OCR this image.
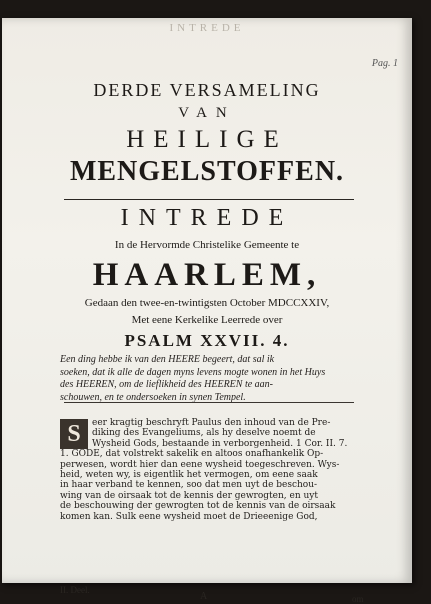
INTREDE
Pag. 1
DERDE VERSAMELING
VAN
HEILIGE
MENGELSTOFFEN.
INTREDE
In de Hervormde Christelike Gemeente te
HAARLEM,
Gedaan den twee-en-twintigsten October MDCCXXIV,
Met eene Kerkelike Leerrede over
PSALM XXVII. 4.
Een ding hebbe ik van den HEERE begeert, dat sal ik
soeken, dat ik alle de dagen myns levens mogte wonen in het Huys
des HEEREN, om de lieflikheid des HEEREN te aan-
schouwen, en te ondersoeken in synen Tempel.
S	eer kragtig beschryft Paulus den inhoud van de Pre-
diking des Evangeliums, als hy deselve noemt de
Wysheid Gods, bestaande in verborgenheid. 1 Cor. II. 7.
1. GODE, dat volstrekt sakelik en altoos onafhankelik Op-
perwesen, wordt hier dan eene wysheid toegeschreven. Wys-
heid, weten wy, is eigentlik het vermogen, om eene saak
in haar verband te kennen, soo dat men uyt de beschou-
wing van de oirsaak tot de kennis der gewrogten, en uyt
de beschouwing der gewrogten tot de kennis van de oirsaak
komen kan. Sulk eene wysheid moet de Drieeenige God,
II. Deel.
A	om
